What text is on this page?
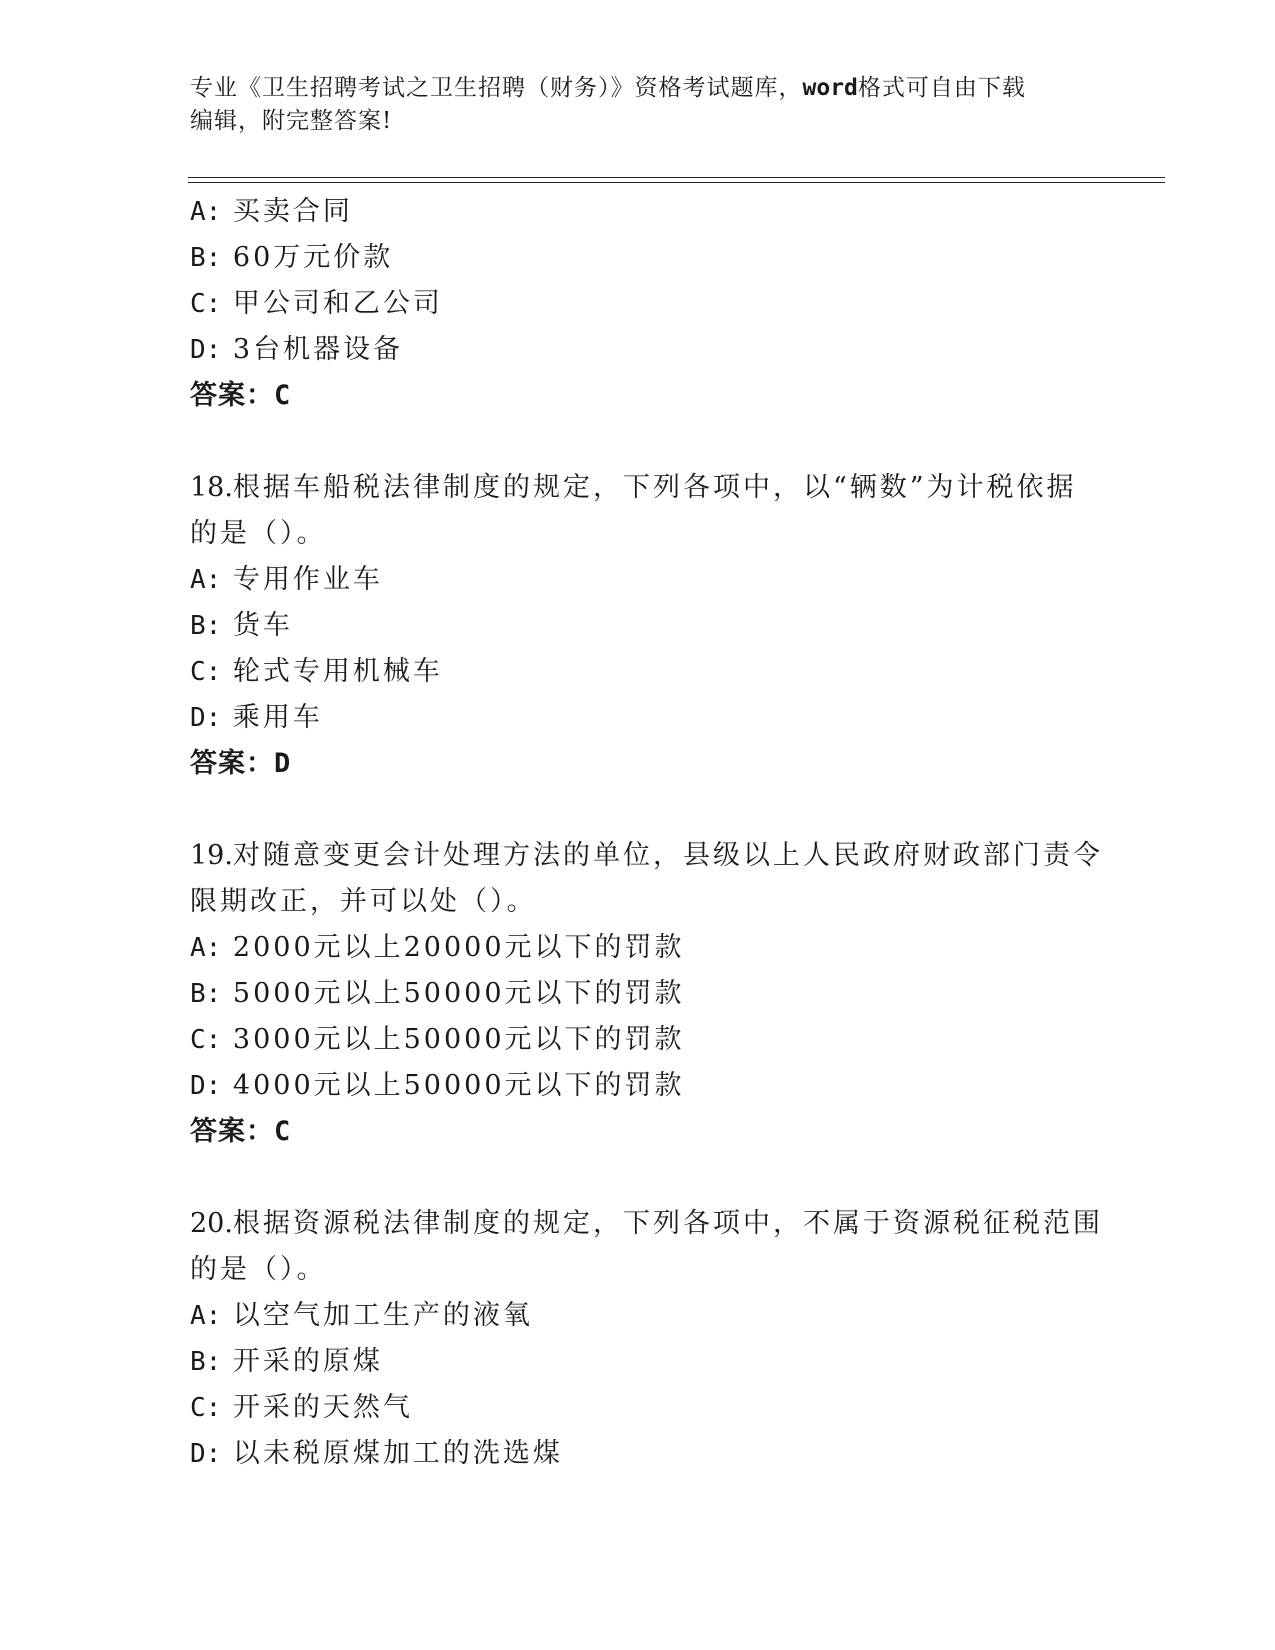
专业《卫生招聘考试之卫生招聘（财务）》资格考试题库，word格式可自由下载
编辑，附完整答案!
A: 买卖合同
B: 60万元价款
C: 甲公司和乙公司
D: 3台机器设备
答案：C
18.根据车船税法律制度的规定，下列各项中，以“辆数”为计税依据
的是（）。
A: 专用作业车
B: 货车
C: 轮式专用机械车
D: 乘用车
答案：D
19.对随意变更会计处理方法的单位，县级以上人民政府财政部门责令
限期改正，并可以处（）。
A: 2000元以上20000元以下的罚款
B: 5000元以上50000元以下的罚款
C: 3000元以上50000元以下的罚款
D: 4000元以上50000元以下的罚款
答案：C
20.根据资源税法律制度的规定，下列各项中，不属于资源税征税范围
的是（）。
A: 以空气加工生产的液氧
B: 开采的原煤
C: 开采的天然气
D: 以未税原煤加工的洗选煤
